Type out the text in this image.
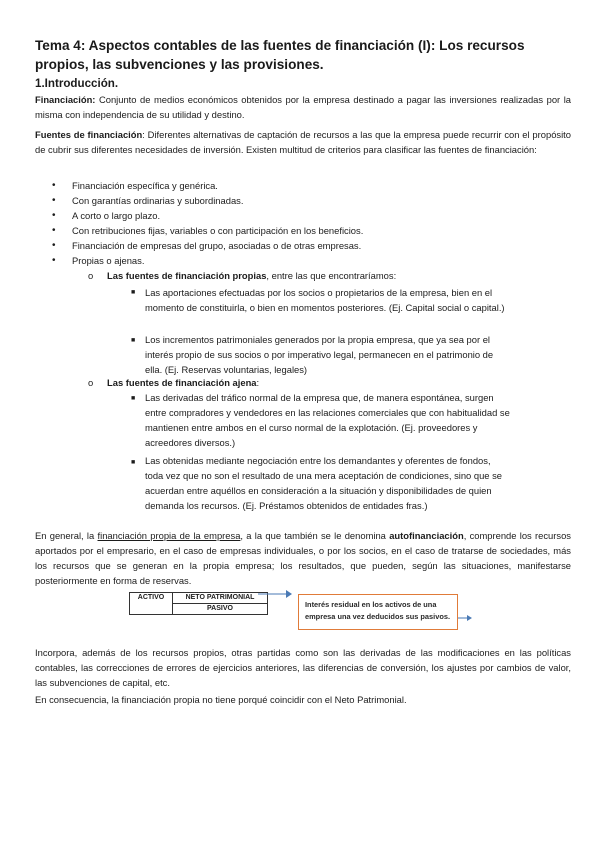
Tema 4: Aspectos contables de las fuentes de financiación (I): Los recursos propios, las subvenciones y las provisiones.
1.Introducción.

Financiación: Conjunto de medios económicos obtenidos por la empresa destinado a pagar las inversiones realizadas por la misma con independencia de su utilidad y destino.

Fuentes de financiación: Diferentes alternativas de captación de recursos a las que la empresa puede recurrir con el propósito de cubrir sus diferentes necesidades de inversión. Existen multitud de criterios para clasificar las fuentes de financiación:

• Financiación específica y genérica.
• Con garantías ordinarias y subordinadas.
• A corto o largo plazo.
• Con retribuciones fijas, variables o con participación en los beneficios.
• Financiación de empresas del grupo, asociadas o de otras empresas.
• Propias o ajenas.
o Las fuentes de financiación propias, entre las que encontraríamos:
■ Las aportaciones efectuadas por los socios o propietarios de la empresa, bien en el momento de constituirla, o bien en momentos posteriores. (Ej. Capital social o capital.)

■ Los incrementos patrimoniales generados por la propia empresa, que ya sea por el interés propio de sus socios o por imperativo legal, permanecen en el patrimonio de ella. (Ej. Reservas voluntarias, legales)

o Las fuentes de financiación ajena:
■ Las derivadas del tráfico normal de la empresa que, de manera espontánea, surgen entre compradores y vendedores en las relaciones comerciales que con habitualidad se mantienen entre ambos en el curso normal de la explotación. (Ej. proveedores y acreedores diversos.)

■ Las obtenidas mediante negociación entre los demandantes y oferentes de fondos, toda vez que no son el resultado de una mera aceptación de condiciones, sino que se acuerdan entre aquéllos en consideración a la situación y disponibilidades de quien demanda los recursos. (Ej. Préstamos obtenidos de entidades fras.)

En general, la financiación propia de la empresa, a la que también se le denomina autofinanciación, comprende los recursos aportados por el empresario, en el caso de empresas individuales, o por los socios, en el caso de tratarse de sociedades, más los recursos que se generan en la propia empresa; los resultados, que pueden, según las situaciones, manifestarse posteriormente en forma de reservas.

ACTIVO	NETO PATRIMONIAL
PASIVO	Interés residual en los activos de una empresa una vez deducidos sus pasivos.

Incorpora, además de los recursos propios, otras partidas como son las derivadas de las modificaciones en las políticas contables, las correcciones de errores de ejercicios anteriores, las diferencias de conversión, los ajustes por cambios de valor, las subvenciones de capital, etc.

En consecuencia, la financiación propia no tiene porqué coincidir con el Neto Patrimonial.
